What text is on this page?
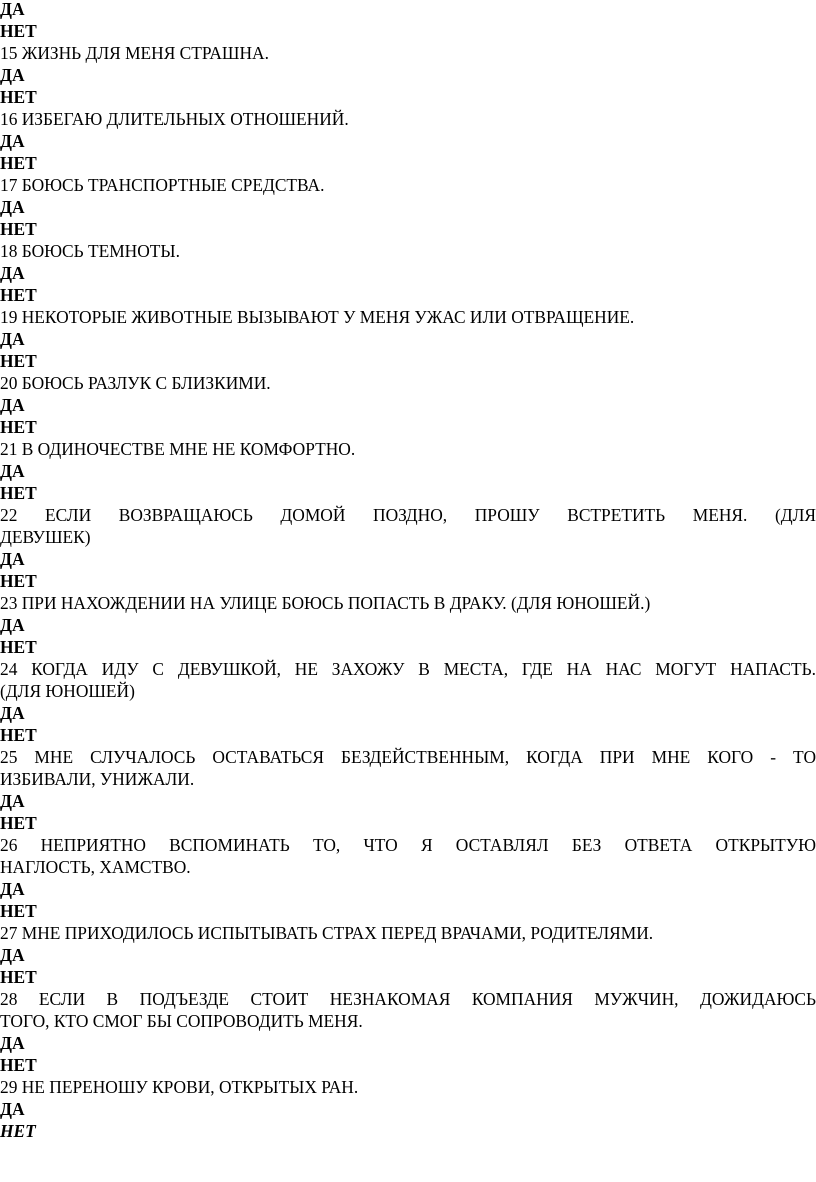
ДА
НЕТ
15 ЖИЗНЬ ДЛЯ МЕНЯ СТРАШНА.
ДА
НЕТ
16 ИЗБЕГАЮ ДЛИТЕЛЬНЫХ ОТНОШЕНИЙ.
ДА
НЕТ
17 БОЮСЬ ТРАНСПОРТНЫЕ СРЕДСТВА.
ДА
НЕТ
18 БОЮСЬ ТЕМНОТЫ.
ДА
НЕТ
19 НЕКОТОРЫЕ ЖИВОТНЫЕ ВЫЗЫВАЮТ У МЕНЯ УЖАС ИЛИ ОТВРАЩЕНИЕ.
ДА
НЕТ
20 БОЮСЬ РАЗЛУК С БЛИЗКИМИ.
ДА
НЕТ
21 В ОДИНОЧЕСТВЕ МНЕ НЕ КОМФОРТНО.
ДА
НЕТ
22 ЕСЛИ ВОЗВРАЩАЮСЬ ДОМОЙ ПОЗДНО, ПРОШУ ВСТРЕТИТЬ МЕНЯ. (ДЛЯ
ДЕВУШЕК)
ДА
НЕТ
23 ПРИ НАХОЖДЕНИИ НА УЛИЦЕ БОЮСЬ ПОПАСТЬ В ДРАКУ. (ДЛЯ ЮНОШЕЙ.)
ДА
НЕТ
24 КОГДА ИДУ С ДЕВУШКОЙ, НЕ ЗАХОЖУ В МЕСТА, ГДЕ НА НАС МОГУТ НАПАСТЬ.
(ДЛЯ ЮНОШЕЙ)
ДА
НЕТ
25 МНЕ СЛУЧАЛОСЬ ОСТАВАТЬСЯ БЕЗДЕЙСТВЕННЫМ, КОГДА ПРИ МНЕ КОГО - ТО
ИЗБИВАЛИ, УНИЖАЛИ.
ДА
НЕТ
26 НЕПРИЯТНО ВСПОМИНАТЬ ТО, ЧТО Я ОСТАВЛЯЛ БЕЗ ОТВЕТА ОТКРЫТУЮ
НАГЛОСТЬ, ХАМСТВО.
ДА
НЕТ
27 МНЕ ПРИХОДИЛОСЬ ИСПЫТЫВАТЬ СТРАХ ПЕРЕД ВРАЧАМИ, РОДИТЕЛЯМИ.
ДА
НЕТ
28 ЕСЛИ В ПОДЪЕЗДЕ СТОИТ НЕЗНАКОМАЯ КОМПАНИЯ МУЖЧИН, ДОЖИДАЮСЬ
ТОГО, КТО СМОГ БЫ СОПРОВОДИТЬ МЕНЯ.
ДА
НЕТ
29 НЕ ПЕРЕНОШУ КРОВИ, ОТКРЫТЫХ РАН.
ДА
НЕТ
